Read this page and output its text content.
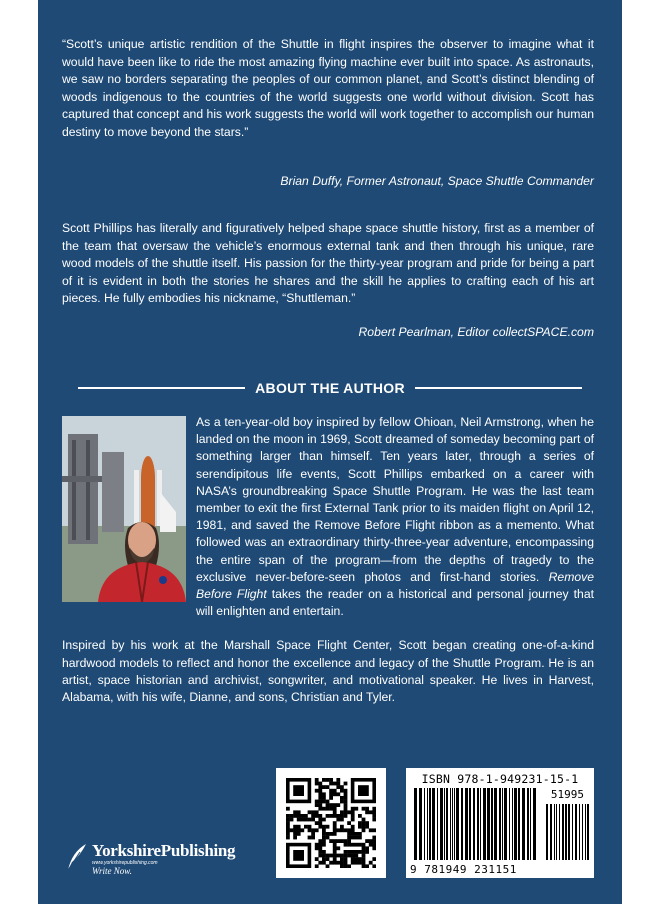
“Scott’s unique artistic rendition of the Shuttle in flight inspires the observer to imagine what it would have been like to ride the most amazing flying machine ever built into space. As astronauts, we saw no borders separating the peoples of our common planet, and Scott’s distinct blending of woods indigenous to the countries of the world suggests one world without division. Scott has captured that concept and his work suggests the world will work together to accomplish our human destiny to move beyond the stars.”

Brian Duffy, Former Astronaut, Space Shuttle Commander

Scott Phillips has literally and figuratively helped shape space shuttle history, first as a member of the team that oversaw the vehicle’s enormous external tank and then through his unique, rare wood models of the shuttle itself. His passion for the thirty-year program and pride for being a part of it is evident in both the stories he shares and the skill he applies to crafting each of his art pieces. He fully embodies his nickname, “Shuttleman.”

Robert Pearlman, Editor collectSPACE.com
ABOUT THE AUTHOR
As a ten-year-old boy inspired by fellow Ohioan, Neil Armstrong, when he landed on the moon in 1969, Scott dreamed of someday becoming part of something larger than himself. Ten years later, through a series of serendipitous life events, Scott Phillips embarked on a career with NASA’s groundbreaking Space Shuttle Program. He was the last team member to exit the first External Tank prior to its maiden flight on April 12, 1981, and saved the Remove Before Flight ribbon as a memento. What followed was an extraordinary thirty-three-year adventure, encompassing the entire span of the program—from the depths of tragedy to the exclusive never-before-seen photos and first-hand stories. Remove Before Flight takes the reader on a historical and personal journey that will enlighten and entertain.

Inspired by his work at the Marshall Space Flight Center, Scott began creating one-of-a-kind hardwood models to reflect and honor the excellence and legacy of the Shuttle Program. He is an artist, space historian and archivist, songwriter, and motivational speaker. He lives in Harvest, Alabama, with his wife, Dianne, and sons, Christian and Tyler.

YorkshirePublishing
www.yorkshirepublishing.com
Write Now.
ISBN 978-1-949231-15-1
51995
9 781949 231151
